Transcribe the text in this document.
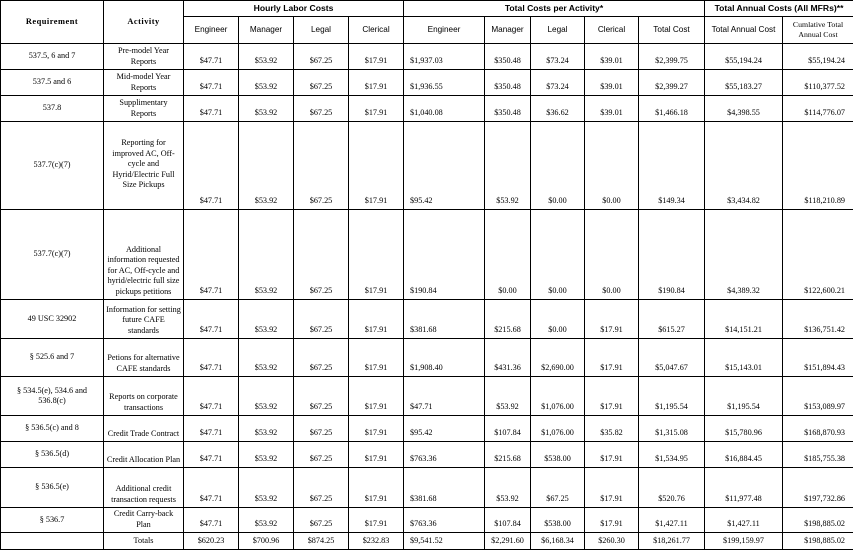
Requirement	Activity	Hourly Labor Costs				Total Costs per Activity*					Total Annual Costs (All MFRs)**	
		Engineer	Manager	Legal	Clerical	Engineer	Manager	Legal	Clerical	Total Cost	Total Annual Cost	Cumlative Total Annual Cost
537.5, 6 and 7	Pre-model Year Reports	$47.71	$53.92	$67.25	$17.91	$1,937.03	$350.48	$73.24	$39.01	$2,399.75	$55,194.24	$55,194.24
537.5 and 6	Mid-model Year Reports	$47.71	$53.92	$67.25	$17.91	$1,936.55	$350.48	$73.24	$39.01	$2,399.27	$55,183.27	$110,377.52
537.8	Supplimentary Reports	$47.71	$53.92	$67.25	$17.91	$1,040.08	$350.48	$36.62	$39.01	$1,466.18	$4,398.55	$114,776.07
537.7(c)(7)	Reporting for improved AC, Off-cycle and Hyrid/Electric Full Size Pickups	$47.71	$53.92	$67.25	$17.91	$95.42	$53.92	$0.00	$0.00	$149.34	$3,434.82	$118,210.89
537.7(c)(7)	Additional information requested for AC, Off-cycle and hyrid/electric full size pickups petitions	$47.71	$53.92	$67.25	$17.91	$190.84	$0.00	$0.00	$0.00	$190.84	$4,389.32	$122,600.21
49 USC 32902	Information for setting future CAFE standards	$47.71	$53.92	$67.25	$17.91	$381.68	$215.68	$0.00	$17.91	$615.27	$14,151.21	$136,751.42
§ 525.6 and 7	Petions for alternative CAFE standards	$47.71	$53.92	$67.25	$17.91	$1,908.40	$431.36	$2,690.00	$17.91	$5,047.67	$15,143.01	$151,894.43
§ 534.5(e), 534.6 and 536.8(c)	Reports on corporate transactions	$47.71	$53.92	$67.25	$17.91	$47.71	$53.92	$1,076.00	$17.91	$1,195.54	$1,195.54	$153,089.97
§ 536.5(c) and 8	Credit Trade Contract	$47.71	$53.92	$67.25	$17.91	$95.42	$107.84	$1,076.00	$35.82	$1,315.08	$15,780.96	$168,870.93
§ 536.5(d)	Credit Allocation Plan	$47.71	$53.92	$67.25	$17.91	$763.36	$215.68	$538.00	$17.91	$1,534.95	$16,884.45	$185,755.38
§ 536.5(e)	Additional credit transaction requests	$47.71	$53.92	$67.25	$17.91	$381.68	$53.92	$67.25	$17.91	$520.76	$11,977.48	$197,732.86
§ 536.7	Credit Carry-back Plan	$47.71	$53.92	$67.25	$17.91	$763.36	$107.84	$538.00	$17.91	$1,427.11	$1,427.11	$198,885.02
	Totals	$620.23	$700.96	$874.25	$232.83	$9,541.52	$2,291.60	$6,168.34	$260.30	$18,261.77	$199,159.97	$198,885.02
